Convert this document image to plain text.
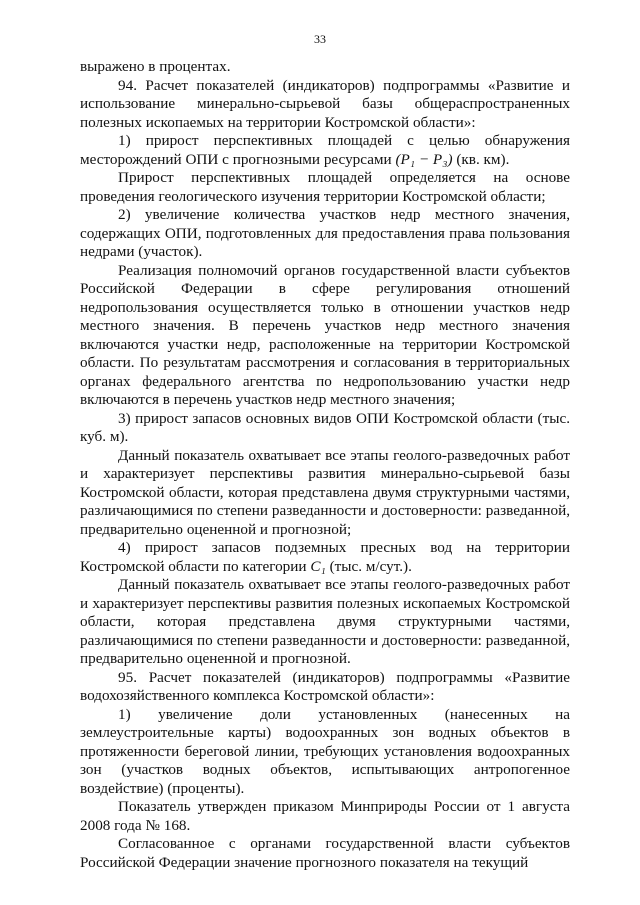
33

выражено в процентах.

94. Расчет показателей (индикаторов) подпрограммы «Развитие и использование минерально-сырьевой базы общераспространенных полезных ископаемых на территории Костромской области»:

1) прирост перспективных площадей с целью обнаружения месторождений ОПИ с прогнозными ресурсами (P₁ − P₃) (кв. км).

Прирост перспективных площадей определяется на основе проведения геологического изучения территории Костромской области;

2) увеличение количества участков недр местного значения, содержащих ОПИ, подготовленных для предоставления права пользования недрами (участок).

Реализация полномочий органов государственной власти субъектов Российской Федерации в сфере регулирования отношений недропользования осуществляется только в отношении участков недр местного значения. В перечень участков недр местного значения включаются участки недр, расположенные на территории Костромской области. По результатам рассмотрения и согласования в территориальных органах федерального агентства по недропользованию участки недр включаются в перечень участков недр местного значения;

3) прирост запасов основных видов ОПИ Костромской области (тыс. куб. м).

Данный показатель охватывает все этапы геолого-разведочных работ и характеризует перспективы развития минерально-сырьевой базы Костромской области, которая представлена двумя структурными частями, различающимися по степени разведанности и достоверности: разведанной, предварительно оцененной и прогнозной;

4) прирост запасов подземных пресных вод на территории Костромской области по категории C₁ (тыс. м/сут.).

Данный показатель охватывает все этапы геолого-разведочных работ и характеризует перспективы развития полезных ископаемых Костромской области, которая представлена двумя структурными частями, различающимися по степени разведанности и достоверности: разведанной, предварительно оцененной и прогнозной.

95. Расчет показателей (индикаторов) подпрограммы «Развитие водохозяйственного комплекса Костромской области»:

1) увеличение доли установленных (нанесенных на землеустроительные карты) водоохранных зон водных объектов в протяженности береговой линии, требующих установления водоохранных зон (участков водных объектов, испытывающих антропогенное воздействие) (проценты).

Показатель утвержден приказом Минприроды России от 1 августа 2008 года № 168.

Согласованное с органами государственной власти субъектов Российской Федерации значение прогнозного показателя на текущий
